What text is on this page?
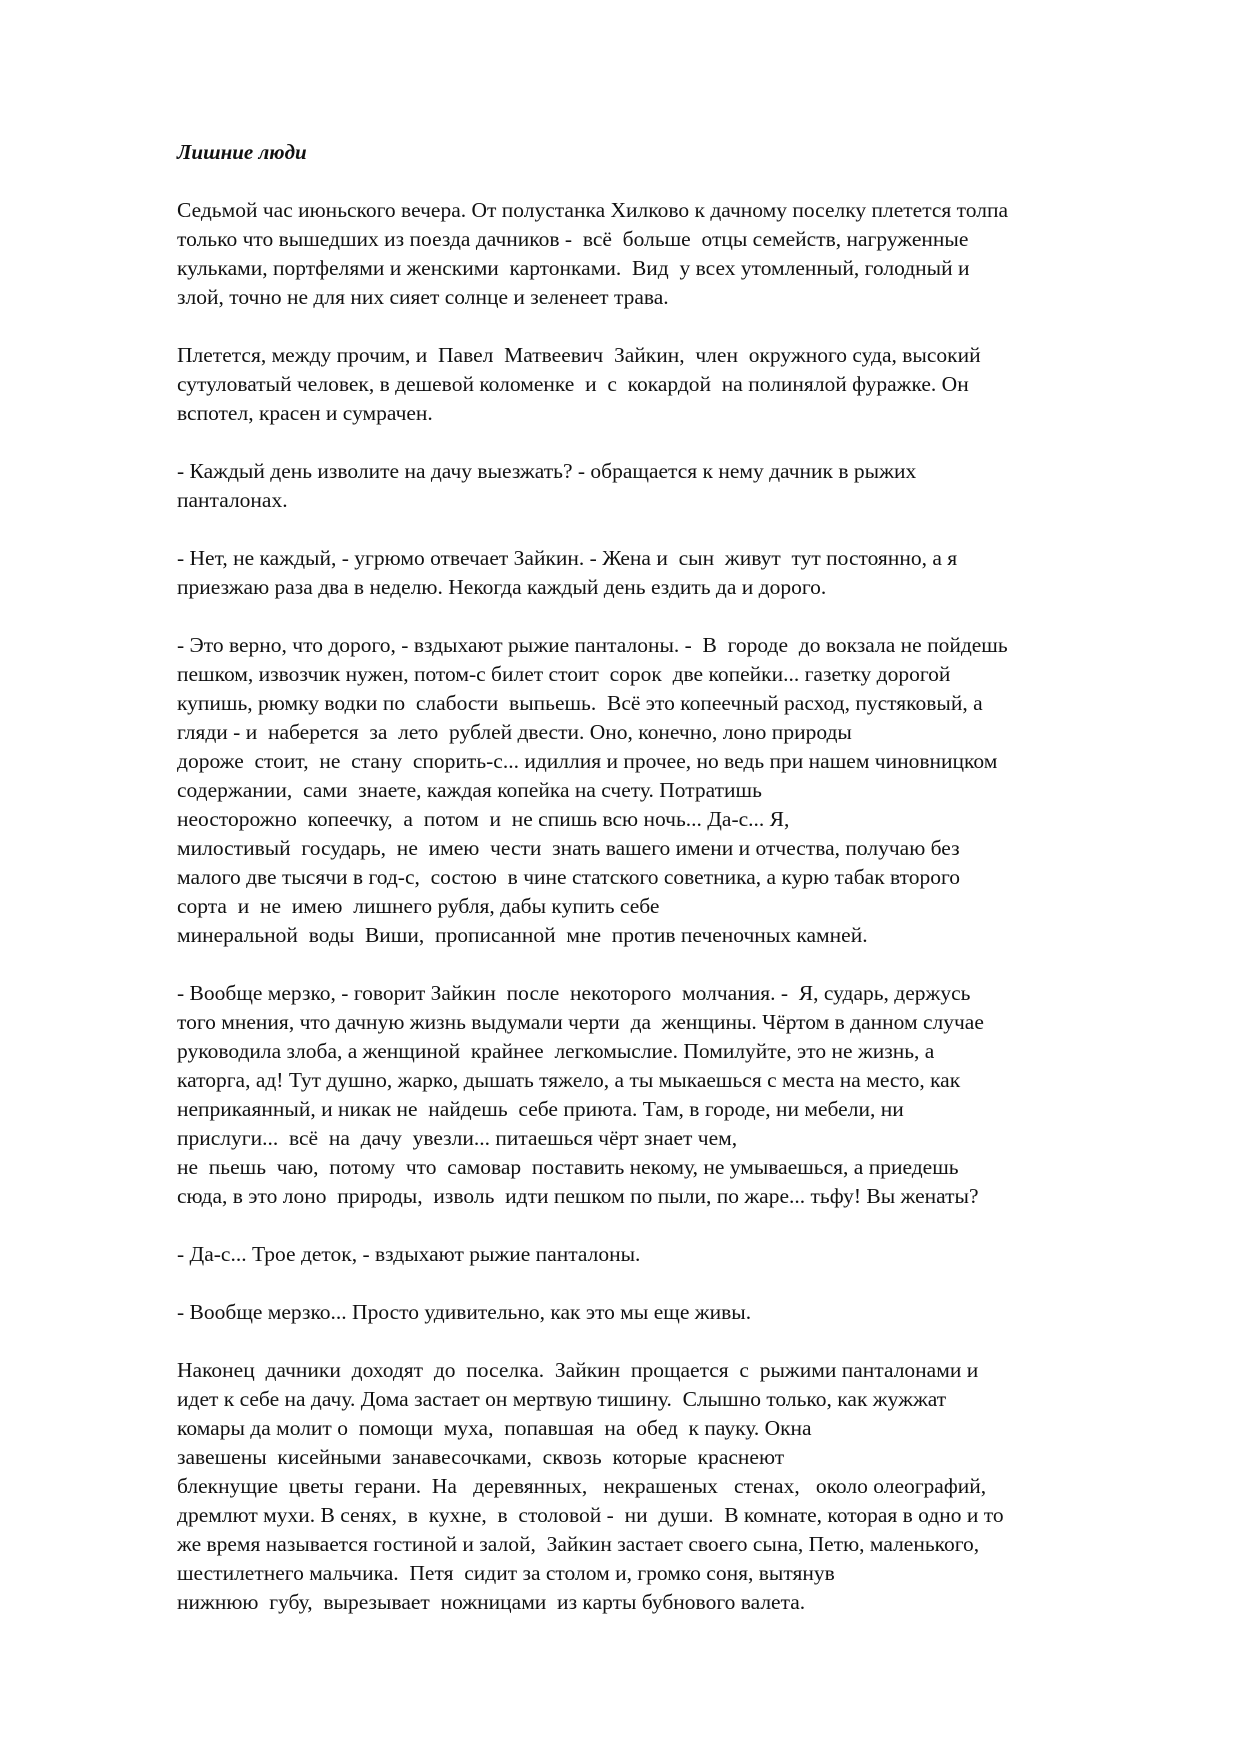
Лишние люди
Седьмой час июньского вечера. От полустанка Хилково к дачному поселку плетется толпа
только что вышедших из поезда дачников -  всё  больше  отцы семейств, нагруженные
кульками, портфелями и женскими  картонками.  Вид  у всех утомленный, голодный и
злой, точно не для них сияет солнце и зеленеет трава.
Плетется, между прочим, и  Павел  Матвеевич  Зайкин,  член  окружного суда, высокий
сутуловатый человек, в дешевой коломенке  и  с  кокардой  на полинялой фуражке. Он
вспотел, красен и сумрачен.
- Каждый день изволите на дачу выезжать? - обращается к нему дачник в рыжих
панталонах.
- Нет, не каждый, - угрюмо отвечает Зайкин. - Жена и  сын  живут  тут постоянно, а я
приезжаю раза два в неделю. Некогда каждый день ездить да и дорого.
- Это верно, что дорого, - вздыхают рыжие панталоны. -  В  городе  до вокзала не пойдешь
пешком, извозчик нужен, потом-с билет стоит  сорок  две копейки... газетку дорогой
купишь, рюмку водки по  слабости  выпьешь.  Всё это копеечный расход, пустяковый, а
гляди - и  наберется  за  лето  рублей двести. Оно, конечно, лоно природы
дороже  стоит,  не  стану  спорить-с... идиллия и прочее, но ведь при нашем чиновницком
содержании,  сами  знаете, каждая копейка на счету. Потратишь
неосторожно  копеечку,  а  потом  и  не спишь всю ночь... Да-с... Я,
милостивый  государь,  не  имею  чести  знать вашего имени и отчества, получаю без
малого две тысячи в год-с,  состою  в чине статского советника, а курю табак второго
сорта  и  не  имею  лишнего рубля, дабы купить себе
минеральной  воды  Виши,  прописанной  мне  против печеночных камней.
- Вообще мерзко, - говорит Зайкин  после  некоторого  молчания. -  Я, сударь, держусь
того мнения, что дачную жизнь выдумали черти  да  женщины. Чёртом в данном случае
руководила злоба, а женщиной  крайнее  легкомыслие. Помилуйте, это не жизнь, а
каторга, ад! Тут душно, жарко, дышать тяжело, а ты мыкаешься с места на место, как
неприкаянный, и никак не  найдешь  себе приюта. Там, в городе, ни мебели, ни
прислуги...  всё  на  дачу  увезли... питаешься чёрт знает чем,
не  пьешь  чаю,  потому  что  самовар  поставить некому, не умываешься, а приедешь
сюда, в это лоно  природы,  изволь  идти пешком по пыли, по жаре... тьфу! Вы женаты?
- Да-с... Трое деток, - вздыхают рыжие панталоны.
- Вообще мерзко... Просто удивительно, как это мы еще живы.
Наконец  дачники  доходят  до  поселка.  Зайкин  прощается  с  рыжими панталонами и
идет к себе на дачу. Дома застает он мертвую тишину.  Слышно только, как жужжат
комары да молит о  помощи  муха,  попавшая  на  обед  к пауку. Окна
завешены  кисейными  занавесочками,  сквозь  которые  краснеют
блекнущие  цветы  герани.  На   деревянных,   некрашеных   стенах,   около олеографий,
дремлют мухи. В сенях,  в  кухне,  в  столовой -  ни  души.  В комнате, которая в одно и то
же время называется гостиной и залой,  Зайкин застает своего сына, Петю, маленького,
шестилетнего мальчика.  Петя  сидит за столом и, громко соня, вытянув
нижнюю  губу,  вырезывает  ножницами  из карты бубнового валета.
